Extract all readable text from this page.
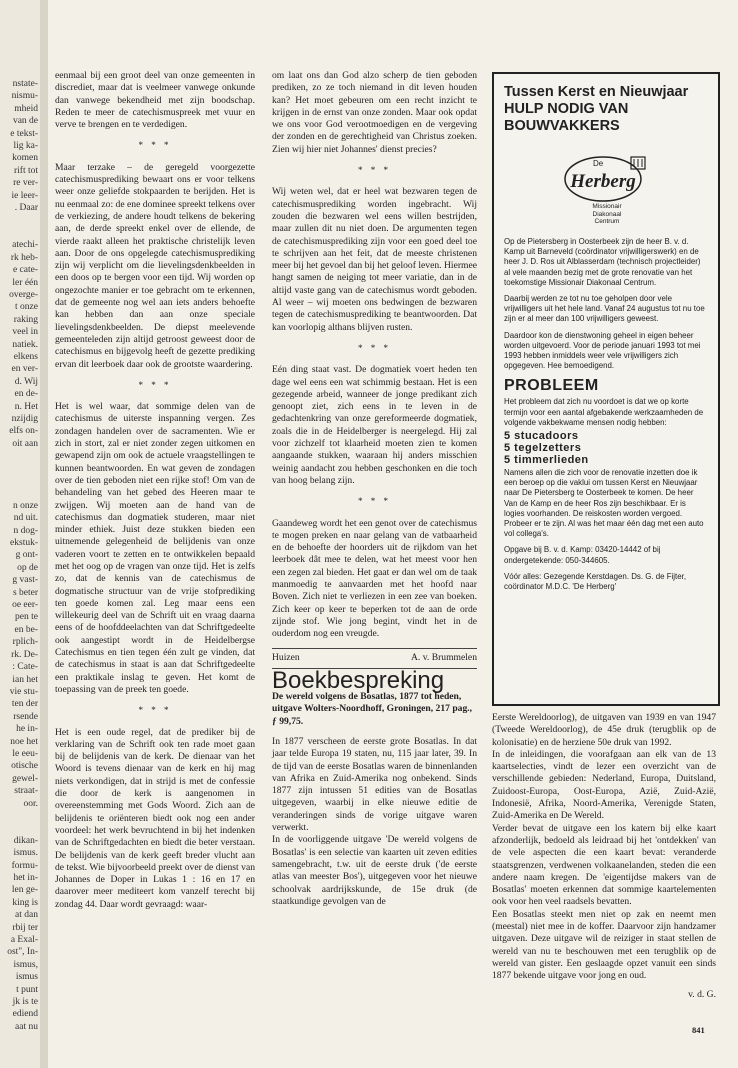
nstate-
nismu-
mheid
van de
e tekst-
lig ka-
komen
rift tot
re ver-
ie leer-
. Daar

atechi-
rk heb-
e cate-
ler één
overge-
t onze
raking
veel in
natiek.
elkens
en ver-
d. Wij
en de-
n. Het
nzijdig
elfs on-
oit aan

n onze
nd uit.
n dog-
ekstuk-
g ont-
op de
g vast-
s beter
oe eer-
pen te
en be-
rplich-
rk. De-
: Cate-
ian het
vie stu-
ten der
rsende
he in-
noe het
le eeu-
otische
gewel-
straat-
oor.

dikan-
ismus.
formu-
het in-
len ge-
king is
at dan
rbij ter
a Exal-
ost", In-
ismus,
ismus
t punt
jk is te
ediend
aat nu

eenmaal bij een groot deel van onze gemeenten in discrediet, maar dat is veelmeer vanwege onkunde dan vanwege bekendheid met zijn boodschap. Reden te meer de catechismuspreek met vuur en verve te brengen en te verdedigen.

* * *

Maar terzake – de geregeld voorgezette catechismusprediking bewaart ons er voor telkens weer onze geliefde stokpaarden te berijden. Het is nu eenmaal zo: de ene dominee spreekt telkens over de verkiezing, de andere houdt telkens de bekering aan, de derde spreekt enkel over de ellende, de vierde raakt alleen het praktische christelijk leven aan. Door de ons opgelegde catechismusprediking zijn wij verplicht om die lievelingsdenkbeelden in een doos op te bergen voor een tijd. Wij worden op ongezochte manier er toe gebracht om te erkennen, dat de gemeente nog wel aan iets anders behoefte kan hebben dan aan onze speciale lievelingsdenkbeelden. De diepst meelevende gemeenteleden zijn altijd getroost geweest door de catechismus en bijgevolg heeft de gezette prediking ervan dit leerboek daar ook de grootste waardering.

* * *

Het is wel waar, dat sommige delen van de catechismus de uiterste inspanning vergen. Zes zondagen handelen over de sacramenten. Wie er zich in stort, zal er niet zonder zegen uitkomen en gewapend zijn om ook de actuele vraagstellingen te kunnen beantwoorden. En wat geven de zondagen over de tien geboden niet een rijke stof! Om van de behandeling van het gebed des Heeren maar te zwijgen. Wij moeten aan de hand van de catechismus dan dogmatiek studeren, maar niet minder ethiek. Juist deze stukken bieden een uitnemende gelegenheid de belijdenis van onze vaderen voort te zetten en te ontwikkelen bepaald met het oog op de vragen van onze tijd. Het is zelfs zo, dat de kennis van de catechismus de dogmatische structuur van de vrije stofprediking ten goede komen zal. Leg maar eens een willekeurig deel van de Schrift uit en vraag daarna eens of de hoofddeelachten van dat Schriftgedeelte ook aangestipt wordt in de Heidelbergse Catechismus en tien tegen één zult ge vinden, dat de catechismus in staat is aan dat Schriftgedeelte een praktikale inslag te geven. Het komt de toepassing van de preek ten goede.

* * *

Het is een oude regel, dat de prediker bij de verklaring van de Schrift ook ten rade moet gaan bij de belijdenis van de kerk. De dienaar van het Woord is tevens dienaar van de kerk en hij mag niets verkondigen, dat in strijd is met de confessie die door de kerk is aangenomen in overeenstemming met Gods Woord. Zich aan de belijdenis te oriënteren biedt ook nog een ander voordeel: het werk bevruchtend in bij het indenken van de Schriftgedachten en biedt die beter verstaan. De belijdenis van de kerk geeft breder vlucht aan de tekst. Wie bijvoorbeeld preekt over de dienst van Johannes de Doper in Lukas 1 : 16 en 17 en daarover meer mediteert kom vanzelf terecht bij zondag 44. Daar wordt gevraagd: waar-

om laat ons dan God alzo scherp de tien geboden prediken, zo ze toch niemand in dit leven houden kan? Het moet gebeuren om een recht inzicht te krijgen in de ernst van onze zonden. Maar ook opdat we ons voor God verootmoedigen en de vergeving der zonden en de gerechtigheid van Christus zoeken. Zien wij hier niet Johannes' dienst precies?

* * *

Wij weten wel, dat er heel wat bezwaren tegen de catechismusprediking worden ingebracht. Wij zouden die bezwaren wel eens willen bestrijden, maar zullen dit nu niet doen. De argumenten tegen de catechismusprediking zijn voor een goed deel toe te schrijven aan het feit, dat de meeste christenen meer bij het gevoel dan bij het geloof leven. Hiermee hangt samen de neiging tot meer variatie, dan in de altijd vaste gang van de catechismus wordt geboden. Al weer – wij moeten ons bedwingen de bezwaren tegen de catechismusprediking te beantwoorden. Dat kan voorlopig althans blijven rusten.

* * *

Eén ding staat vast. De dogmatiek voert heden ten dage wel eens een wat schimmig bestaan. Het is een gezegende arbeid, wanneer de jonge predikant zich genoopt ziet, zich eens in te leven in de gedachtenkring van onze gereformeerde dogmatiek, zoals die in de Heidelberger is neergelegd. Hij zal voor zichzelf tot klaarheid moeten zien te komen aangaande stukken, waaraan hij anders misschien weinig aandacht zou hebben geschonken en die toch van hoog belang zijn.

* * *

Gaandeweg wordt het een genot over de catechismus te mogen preken en naar gelang van de vatbaarheid en de behoefte der hoorders uit de rijkdom van het leerboek dât mee te delen, wat het meest voor hen een zegen zal bieden. Het gaat er dan wel om de taak manmoedig te aanvaarden met het hoofd naar Boven. Zich niet te verliezen in een zee van boeken. Zich keer op keer te beperken tot de aan de orde zijnde stof. Wie jong begint, vindt het in de ouderdom nog een vreugde.

Huizen	A. v. Brummelen
Boekbespreking

De wereld volgens de Bosatlas, 1877 tot heden, uitgave Wolters-Noordhoff, Groningen, 217 pag., ƒ 99,75.

In 1877 verscheen de eerste grote Bosatlas. In dat jaar telde Europa 19 staten, nu, 115 jaar later, 39. In de tijd van de eerste Bosatlas waren de binnenlanden van Afrika en Zuid-Amerika nog onbekend. Sinds 1877 zijn intussen 51 edities van de Bosatlas uitgegeven, waarbij in elke nieuwe editie de veranderingen sinds de vorige uitgave waren verwerkt.

In de voorliggende uitgave 'De wereld volgens de Bosatlas' is een selectie van kaarten uit zeven edities samengebracht, t.w. uit de eerste druk ('de eerste atlas van meester Bos'), uitgegeven voor het nieuwe schoolvak aardrijkskunde, de 15e druk (de staatkundige gevolgen van de

Tussen Kerst en Nieuwjaar HULP NODIG VAN BOUWVAKKERS
De
Herberg
Missionair Diakonaal Centrum

Op de Pietersberg in Oosterbeek zijn de heer B. v. d. Kamp uit Barneveld (coördinator vrijwilligerswerk) en de heer J. D. Ros uit Alblasserdam (technisch projectleider) al vele maanden bezig met de grote renovatie van het toekomstige Missionair Diakonaal Centrum.

Daarbij werden ze tot nu toe geholpen door vele vrijwilligers uit het hele land. Vanaf 24 augustus tot nu toe zijn er al meer dan 100 vrijwilligers geweest.

Daardoor kon de dienstwoning geheel in eigen beheer worden uitgevoerd. Voor de periode januari 1993 tot mei 1993 hebben inmiddels weer vele vrijwilligers zich opgegeven. Hee bemoedigend.

PROBLEEM

Het probleem dat zich nu voordoet is dat we op korte termijn voor een aantal afgebakende werkzaamheden de volgende vakbekwame mensen nodig hebben:

5 stucadoors
5 tegelzetters
5 timmerlieden

Namens allen die zich voor de renovatie inzetten doe ik een beroep op die vaklui om tussen Kerst en Nieuwjaar naar De Pietersberg te Oosterbeek te komen. De heer Van de Kamp en de heer Ros zijn beschikbaar. Er is logies voorhanden. De reiskosten worden vergoed. Probeer er te zijn. Al was het maar één dag met een auto vol collega's.

Opgave bij B. v. d. Kamp: 03420-14442 of bij ondergetekende: 050-344605.

Vóór alles: Gezegende Kerstdagen. Ds. G. de Fijter, coördinator M.D.C. 'De Herberg'

Eerste Wereldoorlog), de uitgaven van 1939 en van 1947 (Tweede Wereldoorlog), de 45e druk (terugblik op de kolonisatie) en de herziene 50e druk van 1992.

In de inleidingen, die voorafgaan aan elk van de 13 kaartselecties, vindt de lezer een overzicht van de verschillende gebieden: Nederland, Europa, Duitsland, Zuidoost-Europa, Oost-Europa, Azië, Zuid-Azië, Indonesië, Afrika, Noord-Amerika, Verenigde Staten, Zuid-Amerika en De Wereld.

Verder bevat de uitgave een los katern bij elke kaart afzonderlijk, bedoeld als leidraad bij het 'ontdekken' van de vele aspecten die een kaart bevat: veranderde staatsgrenzen, verdwenen volkaanelanden, steden die een andere naam kregen. De 'eigentijdse makers van de Bosatlas' moeten erkennen dat sommige kaartelementen ook voor hen veel raadsels bevatten.

Een Bosatlas steekt men niet op zak en neemt men (meestal) niet mee in de koffer. Daarvoor zijn handzamer uitgaven. Deze uitgave wil de reiziger in staat stellen de wereld van nu te beschouwen met een terugblik op de wereld van gister. Een geslaagde opzet vanuit een sinds 1877 bekende uitgave voor jong en oud.

v. d. G.
841
